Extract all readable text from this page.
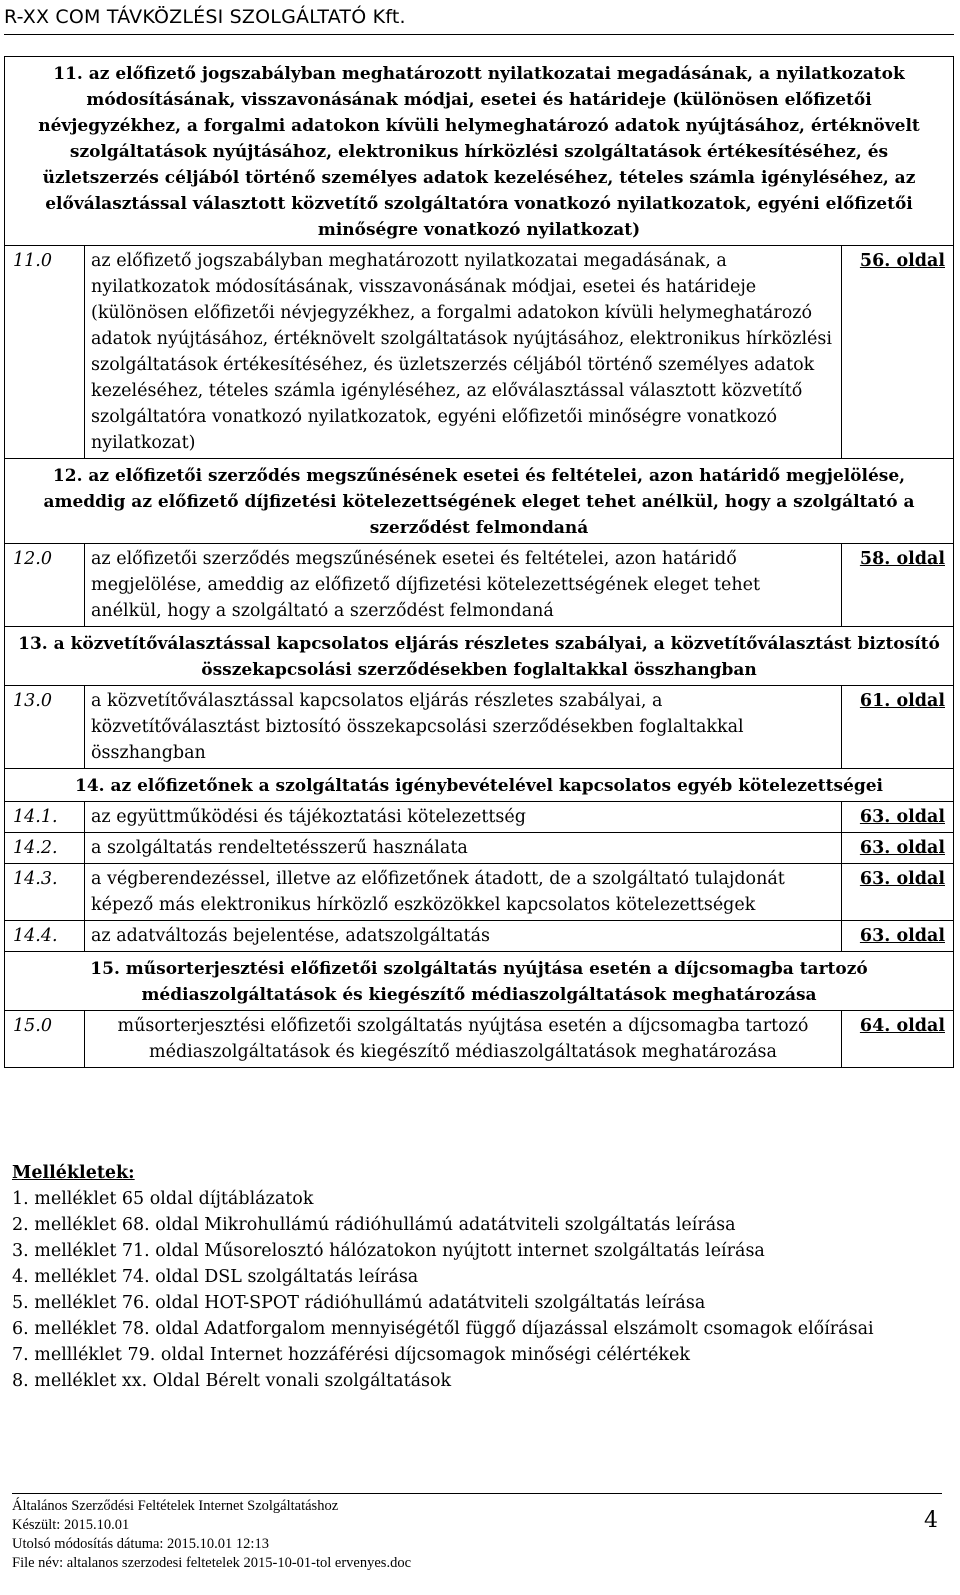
R-XX COM TÁVKÖZLÉSI SZOLGÁLTATÓ Kft.
11. az előfizető jogszabályban meghatározott nyilatkozatai megadásának, a nyilatkozatok módosításának, visszavonásának módjai, esetei és határideje (különösen előfizetői névjegyzékhez, a forgalmi adatokon kívüli helymeghatározó adatok nyújtásához, értéknövelt szolgáltatások nyújtásához, elektronikus hírközlési szolgáltatások értékesítéséhez, és üzletszerzés céljából történő személyes adatok kezeléséhez, tételes számla igényléséhez, az előválasztással választott közvetítő szolgáltatóra vonatkozó nyilatkozatok, egyéni előfizetői minőségre vonatkozó nyilatkozat)		
11.0	az előfizető jogszabályban meghatározott nyilatkozatai megadásának, a nyilatkozatok módosításának, visszavonásának módjai, esetei és határideje (különösen előfizetői névjegyzékhez, a forgalmi adatokon kívüli helymeghatározó adatok nyújtásához, értéknövelt szolgáltatások nyújtásához, elektronikus hírközlési szolgáltatások értékesítéséhez, és üzletszerzés céljából történő személyes adatok kezeléséhez, tételes számla igényléséhez, az előválasztással választott közvetítő szolgáltatóra vonatkozó nyilatkozatok, egyéni előfizetői minőségre vonatkozó nyilatkozat)	56. oldal
12. az előfizetői szerződés megszűnésének esetei és feltételei, azon határidő megjelölése, ameddig az előfizető díjfizetési kötelezettségének eleget tehet anélkül, hogy a szolgáltató a szerződést felmondaná		
12.0	az előfizetői szerződés megszűnésének esetei és feltételei, azon határidő megjelölése, ameddig az előfizető díjfizetési kötelezettségének eleget tehet anélkül, hogy a szolgáltató a szerződést felmondaná	58. oldal
13. a közvetítőválasztással kapcsolatos eljárás részletes szabályai, a közvetítőválasztást biztosító összekapcsolási szerződésekben foglaltakkal összhangban		
13.0	a közvetítőválasztással kapcsolatos eljárás részletes szabályai, a közvetítőválasztást biztosító összekapcsolási szerződésekben foglaltakkal összhangban	61. oldal
14. az előfizetőnek a szolgáltatás igénybevételével kapcsolatos egyéb kötelezettségei		
14.1.	az együttműködési és tájékoztatási kötelezettség	63. oldal
14.2.	a szolgáltatás rendeltetésszerű használata	63. oldal
14.3.	a végberendezéssel, illetve az előfizetőnek átadott, de a szolgáltató tulajdonát képező más elektronikus hírközlő eszközökkel kapcsolatos kötelezettségek	63. oldal
14.4.	az adatváltozás bejelentése, adatszolgáltatás	63. oldal
15. műsorterjesztési előfizetői szolgáltatás nyújtása esetén a díjcsomagba tartozó médiaszolgáltatások és kiegészítő médiaszolgáltatások meghatározása		
15.0	műsorterjesztési előfizetői szolgáltatás nyújtása esetén a díjcsomagba tartozó médiaszolgáltatások és kiegészítő médiaszolgáltatások meghatározása	64. oldal
Mellékletek:
1. melléklet 65 oldal díjtáblázatok
2. melléklet 68. oldal Mikrohullámú rádióhullámú adatátviteli szolgáltatás leírása
3. melléklet 71. oldal Műsorelosztó hálózatokon nyújtott internet szolgáltatás leírása
4. melléklet 74. oldal DSL szolgáltatás leírása
5. melléklet 76. oldal HOT-SPOT rádióhullámú adatátviteli szolgáltatás leírása
6. melléklet 78. oldal Adatforgalom mennyiségétől függő díjazással elszámolt csomagok előírásai
7. mellléklet 79. oldal Internet hozzáférési díjcsomagok minőségi célértékek
8. melléklet xx. Oldal Bérelt vonali szolgáltatások
Általános Szerződési Feltételek Internet Szolgáltatáshoz
Készült: 2015.10.01
Utolsó módosítás dátuma: 2015.10.01 12:13
File név: altalanos szerzodesi feltetelek 2015-10-01-tol ervenyes.doc
4
